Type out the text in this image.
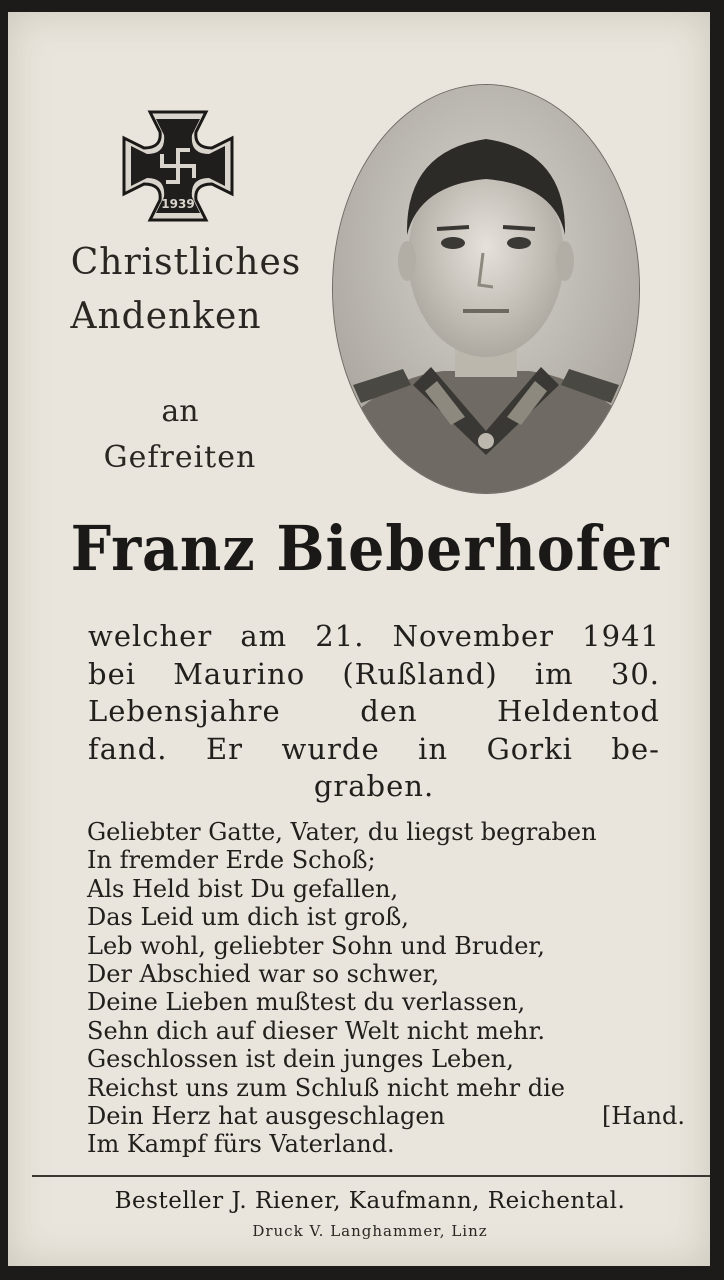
1939
Christliches
Andenken
an
Gefreiten
Franz Bieberhofer
welcher am 21. November 1941
bei Maurino (Rußland) im 30.
Lebensjahre	den	Heldentod
fand. Er wurde in Gorki be-
graben.
Geliebter Gatte, Vater, du liegst begraben
In fremder Erde Schoß;
Als Held bist Du gefallen,
Das Leid um dich ist groß,
Leb wohl, geliebter Sohn und Bruder,
Der Abschied war so schwer,
Deine Lieben mußtest du verlassen,
Sehn dich auf dieser Welt nicht mehr.
Geschlossen ist dein junges Leben,
Reichst uns zum Schluß nicht mehr die
Dein Herz hat ausgeschlagen	[Hand.
Im Kampf fürs Vaterland.
Besteller J. Riener, Kaufmann, Reichental.
Druck V. Langhammer, Linz
